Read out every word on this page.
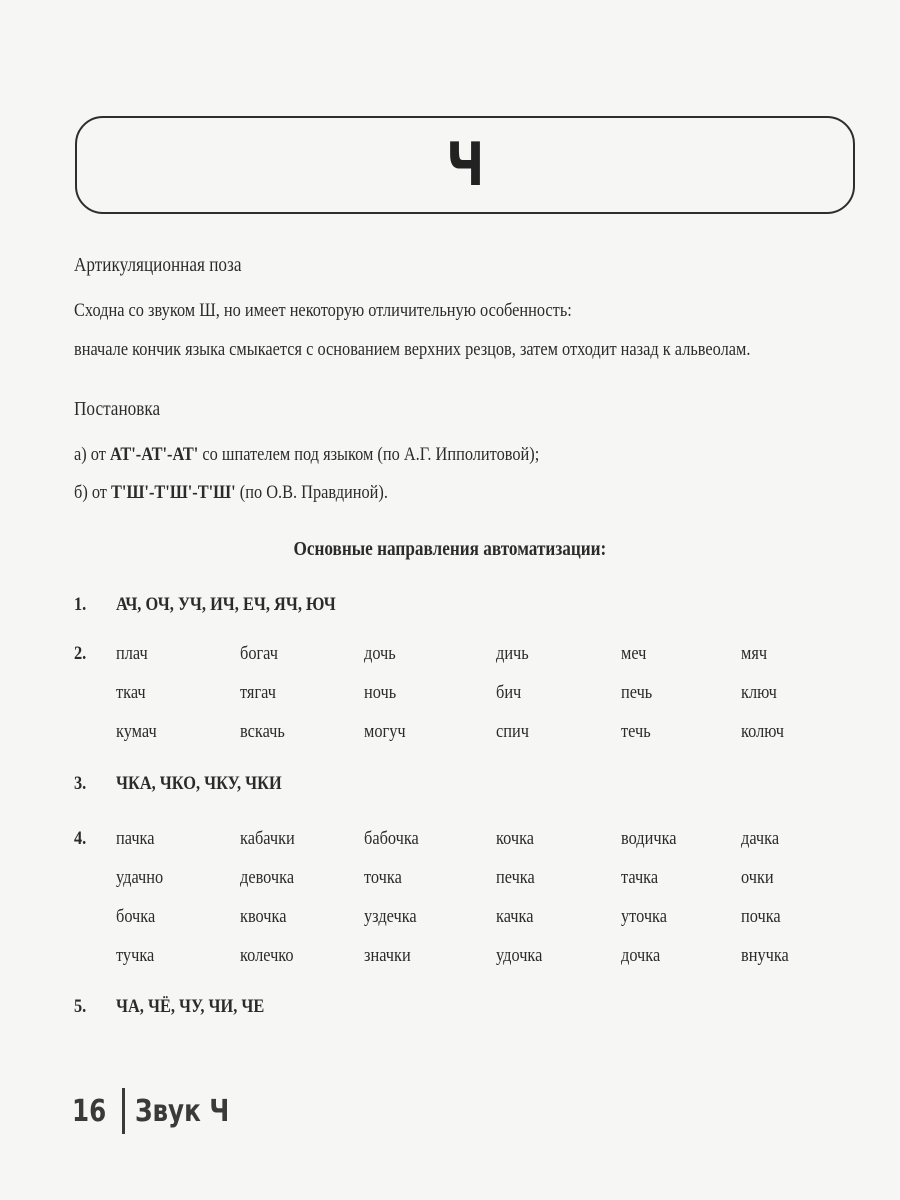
Ч
Артикуляционная поза
Сходна со звуком Ш, но имеет некоторую отличительную особенность:
вначале кончик языка смыкается с основанием верхних резцов, затем отходит назад к альвеолам.
Постановка
а) от АТ'-АТ'-АТ' со шпателем под языком (по А.Г. Ипполитовой);
б) от Т'Ш'-Т'Ш'-Т'Ш' (по О.В. Правдиной).
Основные направления автоматизации:
1. АЧ, ОЧ, УЧ, ИЧ, ЕЧ, ЯЧ, ЮЧ
2. плач	богач	дочь	дичь	меч	мяч
ткач	тягач	ночь	бич	печь	ключ
кумач	вскачь	могуч	спич	течь	колюч
3. ЧКА, ЧКО, ЧКУ, ЧКИ
4. пачка	кабачки	бабочка	кочка	водичка	дачка
удачно	девочка	точка	печка	тачка	очки
бочка	квочка	уздечка	качка	уточка	почка
тучка	колечко	значки	удочка	дочка	внучка
5. ЧА, ЧЁ, ЧУ, ЧИ, ЧЕ
16 Звук Ч
